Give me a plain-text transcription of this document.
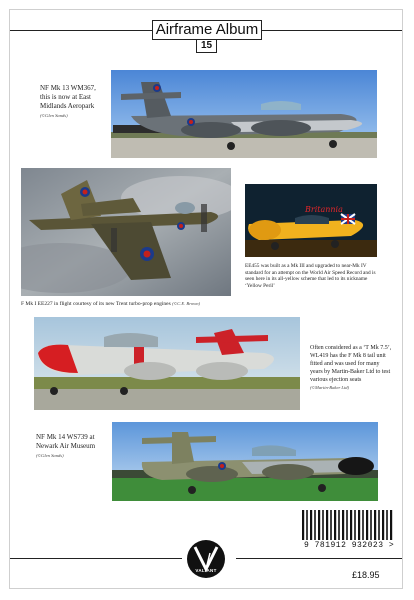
Airframe Album
15
NF Mk 13 WM367, this is now at East Midlands Aeropark (©Glen Sands)
F Mk I EE227 in flight courtesy of its new Trent turbo-prop engines (©C.E. Brown)
Britannia
EE455 was built as a Mk III and upgraded to near-Mk IV standard for an attempt on the World Air Speed Record and is seen here in its all-yellow scheme that led to its nickname ‘Yellow Peril’
Often considered as a ‘T Mk 7.5’, WL419 has the F Mk 8 tail unit fitted and was used for many years by Martin-Baker Ltd to test various ejection seats
(©Martin-Baker Ltd)
NF Mk 14 WS739 at Newark Air Museum (©Glen Sands)
9 781912 932023 >
VALIANT	£18.95
